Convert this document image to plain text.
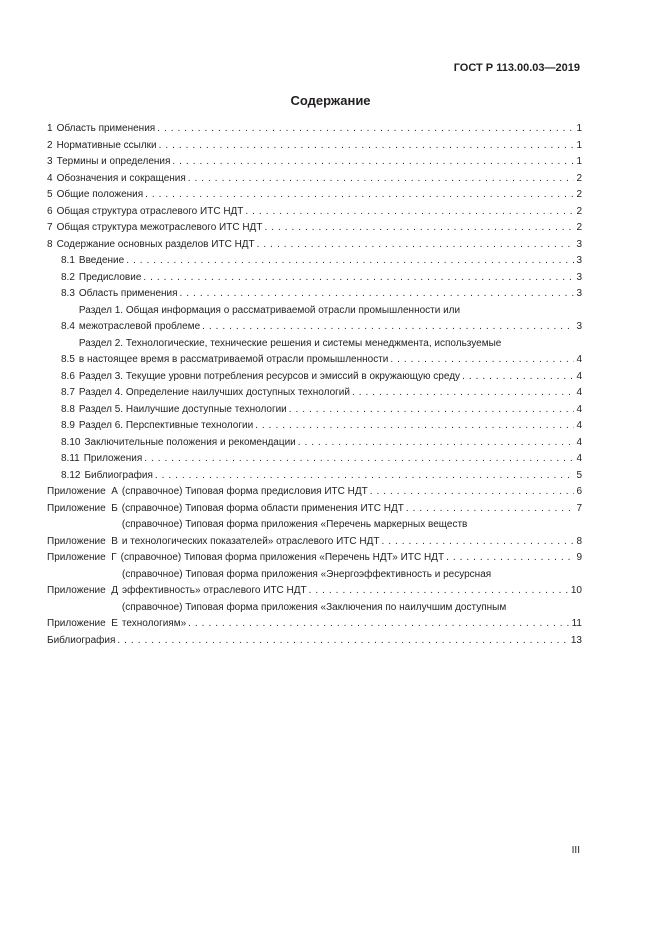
ГОСТ Р 113.00.03—2019
Содержание
1 Область применения . . .	1
2 Нормативные ссылки . . .	1
3 Термины и определения . . .	1
4 Обозначения и сокращения . . .	2
5 Общие положения . . .	2
6 Общая структура отраслевого ИТС НДТ . . .	2
7 Общая структура межотраслевого ИТС НДТ . . .	2
8 Содержание основных разделов ИТС НДТ . . .	3
8.1 Введение . . .	3
8.2 Предисловие . . .	3
8.3 Область применения . . .	3
8.4
Раздел 1. Общая информация о рассматриваемой отрасли промышленности или
межотраслевой проблеме . . .	3
8.5
Раздел 2. Технологические, технические решения и системы менеджмента, используемые
в настоящее время в рассматриваемой отрасли промышленности . . .	4
8.6 Раздел 3. Текущие уровни потребления ресурсов и эмиссий в окружающую среду . . .	4
8.7 Раздел 4. Определение наилучших доступных технологий . . .	4
8.8 Раздел 5. Наилучшие доступные технологии . . .	4
8.9 Раздел 6. Перспективные технологии . . .	4
8.10 Заключительные положения и рекомендации . . .	4
8.11 Приложения . . .	4
8.12 Библиография . . .	5
Приложение  А (справочное) Типовая форма предисловия ИТС НДТ . . .	6
Приложение  Б (справочное) Типовая форма области применения ИТС НДТ . . .	7
Приложение  В
(справочное) Типовая форма приложения «Перечень маркерных веществ
и технологических показателей» отраслевого ИТС НДТ . . .	8
Приложение  Г (справочное) Типовая форма приложения «Перечень НДТ» ИТС НДТ . . .	9
Приложение  Д
(справочное) Типовая форма приложения «Энергоэффективность и ресурсная
эффективность» отраслевого ИТС НДТ . . .	10
Приложение  Е
(справочное) Типовая форма приложения «Заключения по наилучшим доступным
технологиям» . . .	11
Библиография . . .	13
III
